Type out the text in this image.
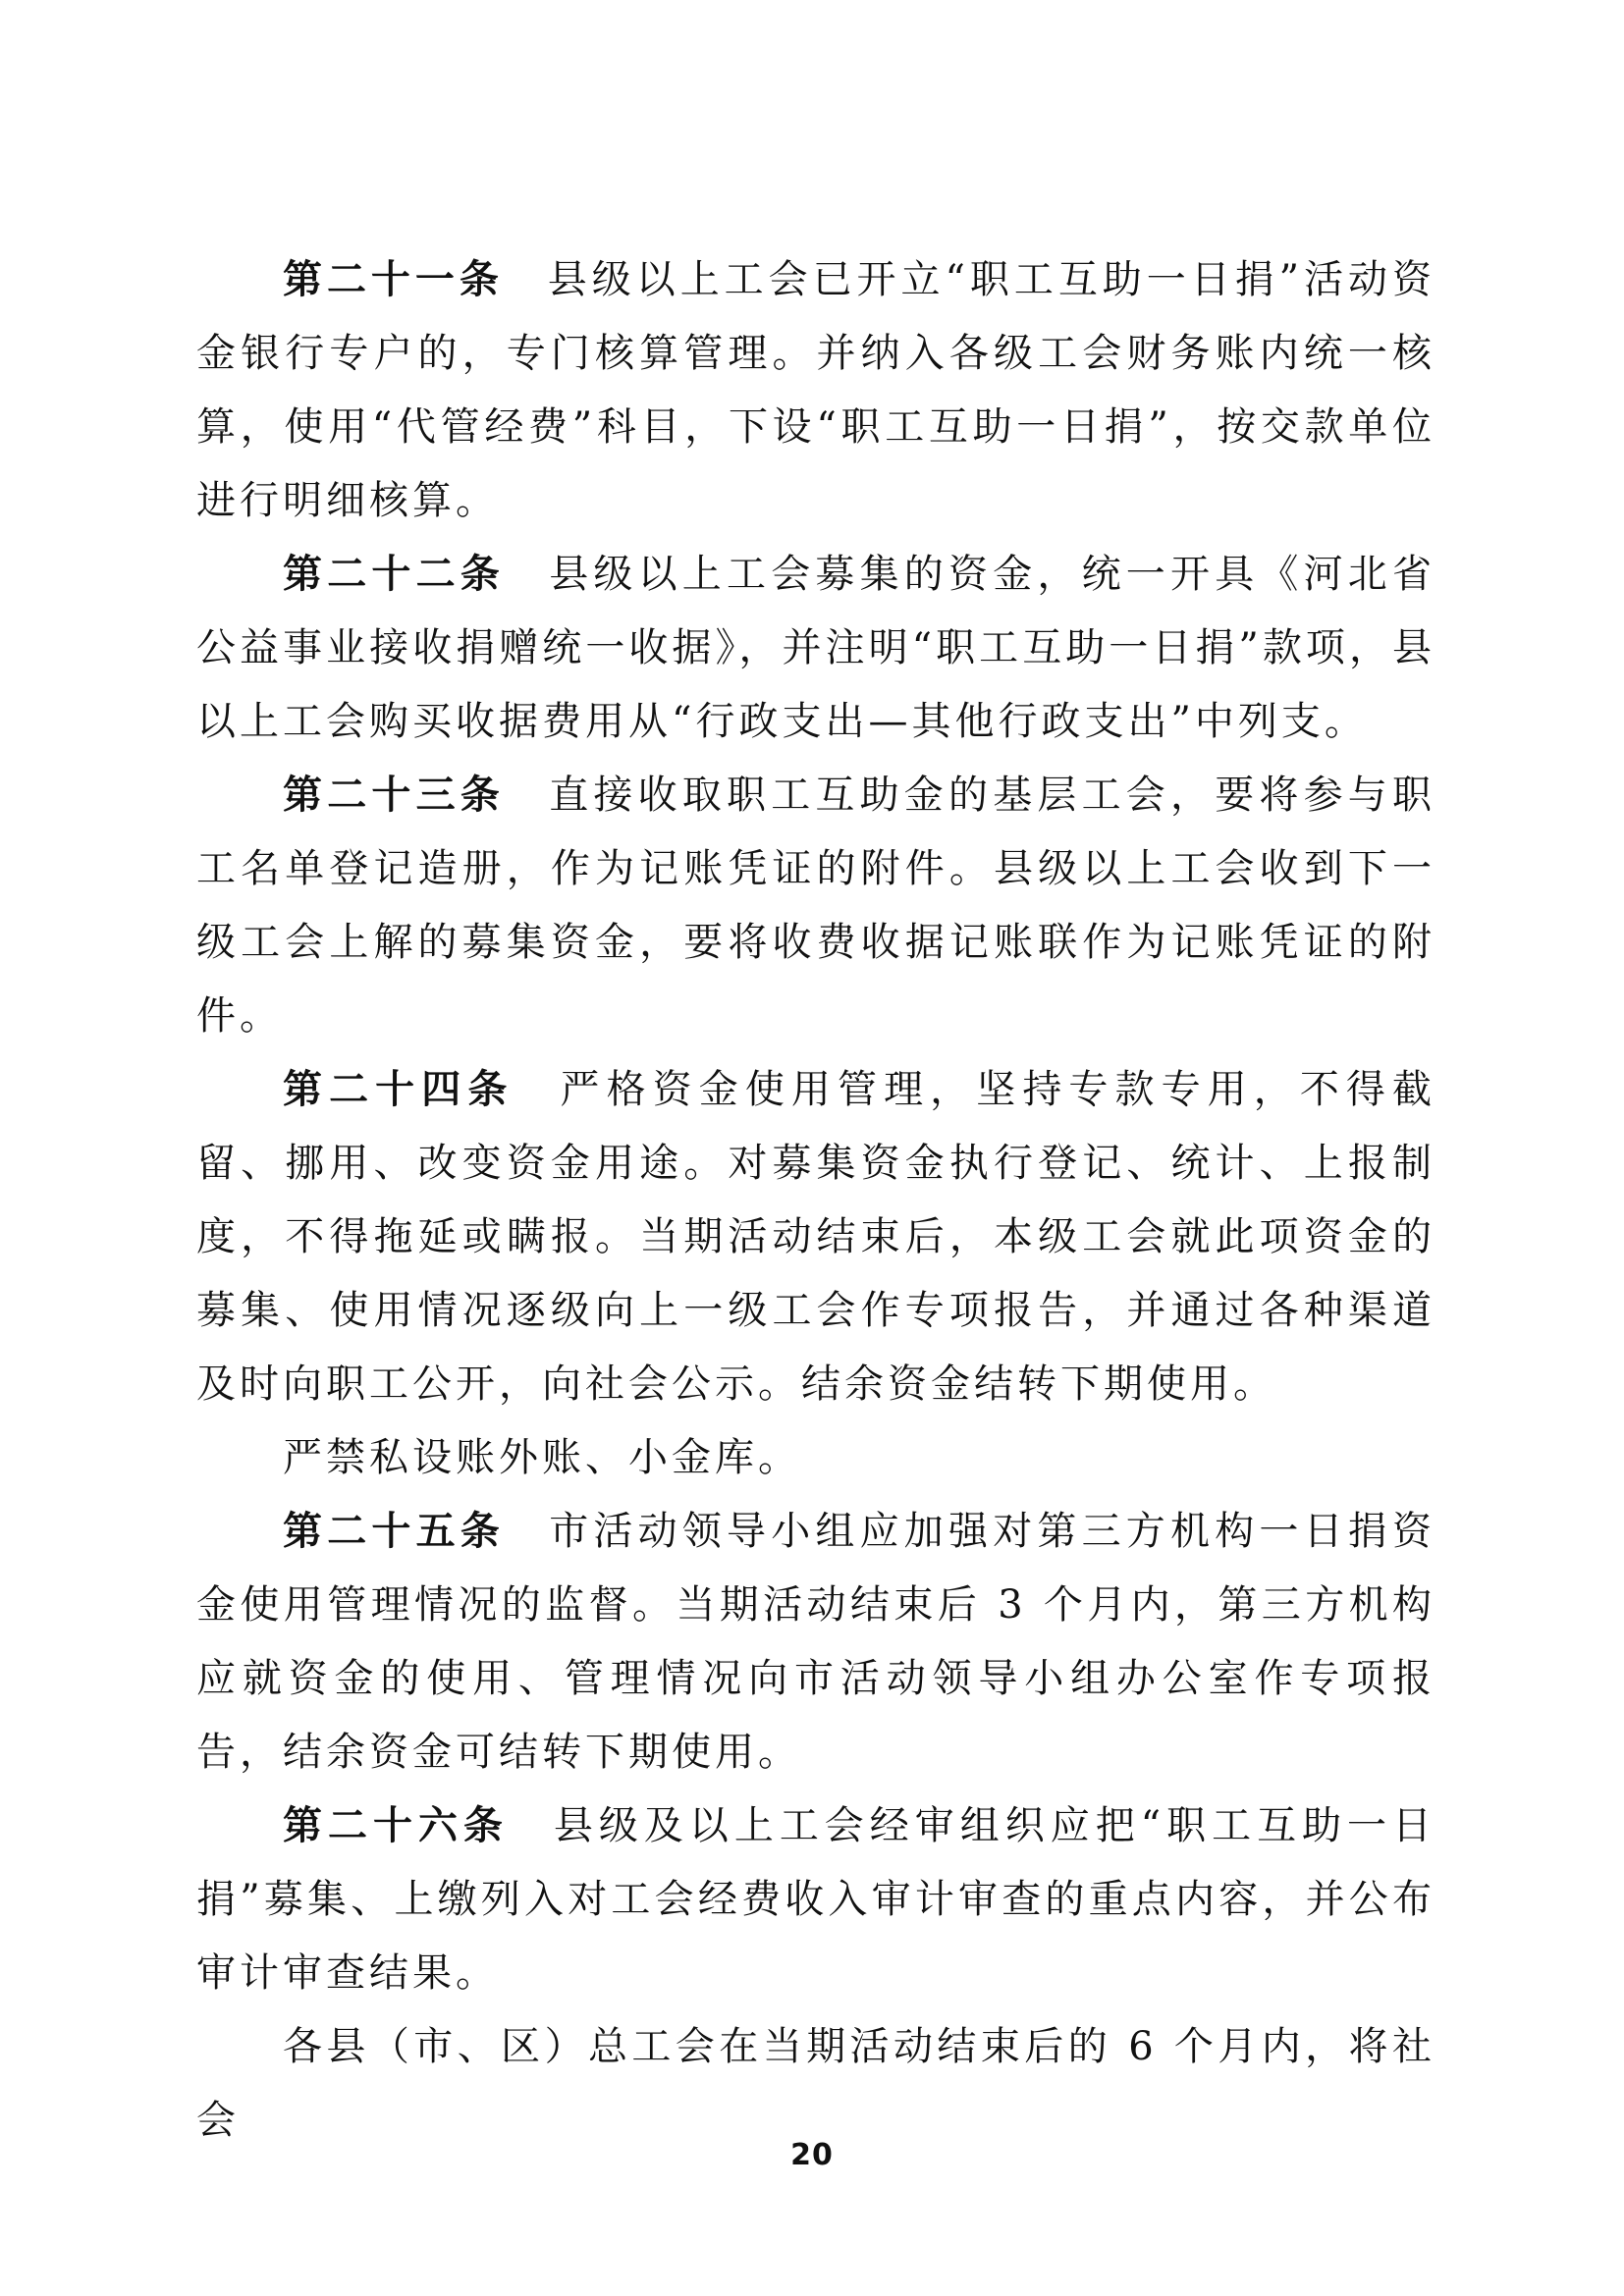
第二十一条　 县级以上工会已开立“职工互助一日捐”活动资金银行专户的，专门核算管理。并纳入各级工会财务账内统一核算，使用“代管经费”科目，下设“职工互助一日捐”，按交款单位进行明细核算。

第二十二条　 县级以上工会募集的资金，统一开具《河北省公益事业接收捐赠统一收据》，并注明“职工互助一日捐”款项，县以上工会购买收据费用从“行政支出—其他行政支出”中列支。

第二十三条　 直接收取职工互助金的基层工会，要将参与职工名单登记造册，作为记账凭证的附件。县级以上工会收到下一级工会上解的募集资金，要将收费收据记账联作为记账凭证的附件。

第二十四条　 严格资金使用管理，坚持专款专用，不得截留、挪用、改变资金用途。对募集资金执行登记、统计、上报制度，不得拖延或瞒报。当期活动结束后，本级工会就此项资金的募集、使用情况逐级向上一级工会作专项报告，并通过各种渠道及时向职工公开，向社会公示。结余资金结转下期使用。

严禁私设账外账、小金库。

第二十五条　 市活动领导小组应加强对第三方机构一日捐资金使用管理情况的监督。当期活动结束后 3 个月内，第三方机构应就资金的使用、管理情况向市活动领导小组办公室作专项报告，结余资金可结转下期使用。

第二十六条　 县级及以上工会经审组织应把“职工互助一日捐”募集、上缴列入对工会经费收入审计审查的重点内容，并公布审计审查结果。

各县（市、区）总工会在当期活动结束后的 6 个月内，将社会

20
